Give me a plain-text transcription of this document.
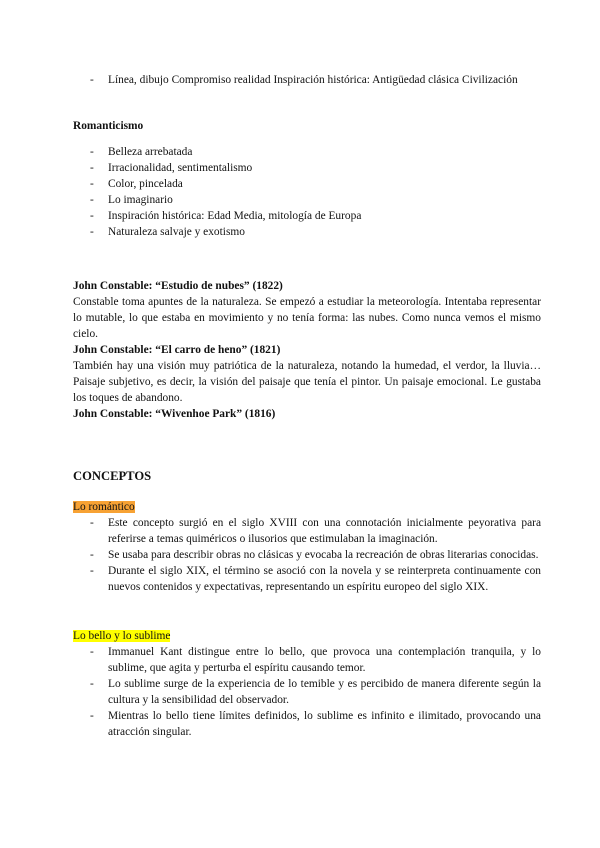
-	Línea, dibujo Compromiso realidad Inspiración histórica: Antigüedad clásica Civilización
Romanticismo
-	Belleza arrebatada
-	Irracionalidad, sentimentalismo
-	Color, pincelada
-	Lo imaginario
-	Inspiración histórica: Edad Media, mitología de Europa
-	Naturaleza salvaje y exotismo
John Constable: “Estudio de nubes” (1822)

Constable toma apuntes de la naturaleza. Se empezó a estudiar la meteorología. Intentaba representar lo mutable, lo que estaba en movimiento y no tenía forma: las nubes. Como nunca vemos el mismo cielo.

John Constable: “El carro de heno” (1821)

También hay una visión muy patriótica de la naturaleza, notando la humedad, el verdor, la lluvia… Paisaje subjetivo, es decir, la visión del paisaje que tenía el pintor. Un paisaje emocional. Le gustaba los toques de abandono.

John Constable: “Wivenhoe Park” (1816)
CONCEPTOS
Lo romántico
-	Este concepto surgió en el siglo XVIII con una connotación inicialmente peyorativa para referirse a temas quiméricos o ilusorios que estimulaban la imaginación.
-	Se usaba para describir obras no clásicas y evocaba la recreación de obras literarias conocidas.
-	Durante el siglo XIX, el término se asoció con la novela y se reinterpreta continuamente con nuevos contenidos y expectativas, representando un espíritu europeo del siglo XIX.
Lo bello y lo sublime
-	Immanuel Kant distingue entre lo bello, que provoca una contemplación tranquila, y lo sublime, que agita y perturba el espíritu causando temor.
-	Lo sublime surge de la experiencia de lo temible y es percibido de manera diferente según la cultura y la sensibilidad del observador.
-	Mientras lo bello tiene límites definidos, lo sublime es infinito e ilimitado, provocando una atracción singular.
